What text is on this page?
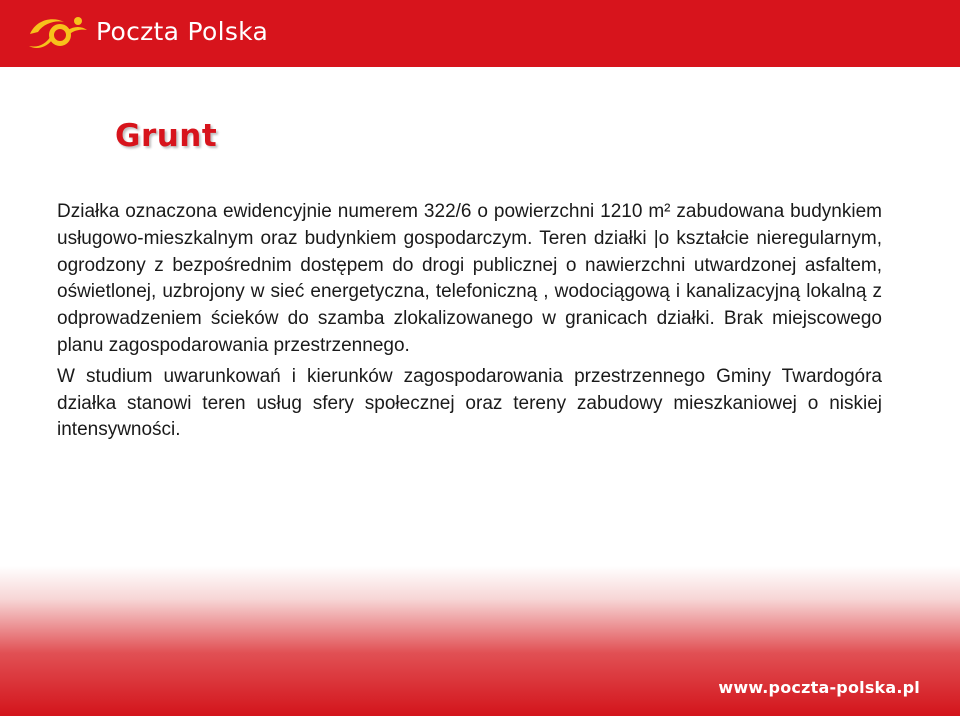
Poczta Polska
Grunt

Działka oznaczona ewidencyjnie numerem 322/6 o powierzchni 1210 m² zabudowana budynkiem usługowo-mieszkalnym oraz budynkiem gospodarczym. Teren działki |o kształcie nieregularnym, ogrodzony z bezpośrednim dostępem do drogi publicznej o nawierzchni utwardzonej asfaltem, oświetlonej, uzbrojony w sieć energetyczna, telefoniczną , wodociągową i kanalizacyjną lokalną z odprowadzeniem ścieków do szamba zlokalizowanego w granicach działki. Brak miejscowego planu zagospodarowania przestrzennego.

W studium uwarunkowań i kierunków zagospodarowania przestrzennego Gminy Twardogóra działka stanowi teren usług sfery społecznej oraz tereny zabudowy mieszkaniowej o niskiej intensywności.

www.poczta-polska.pl
